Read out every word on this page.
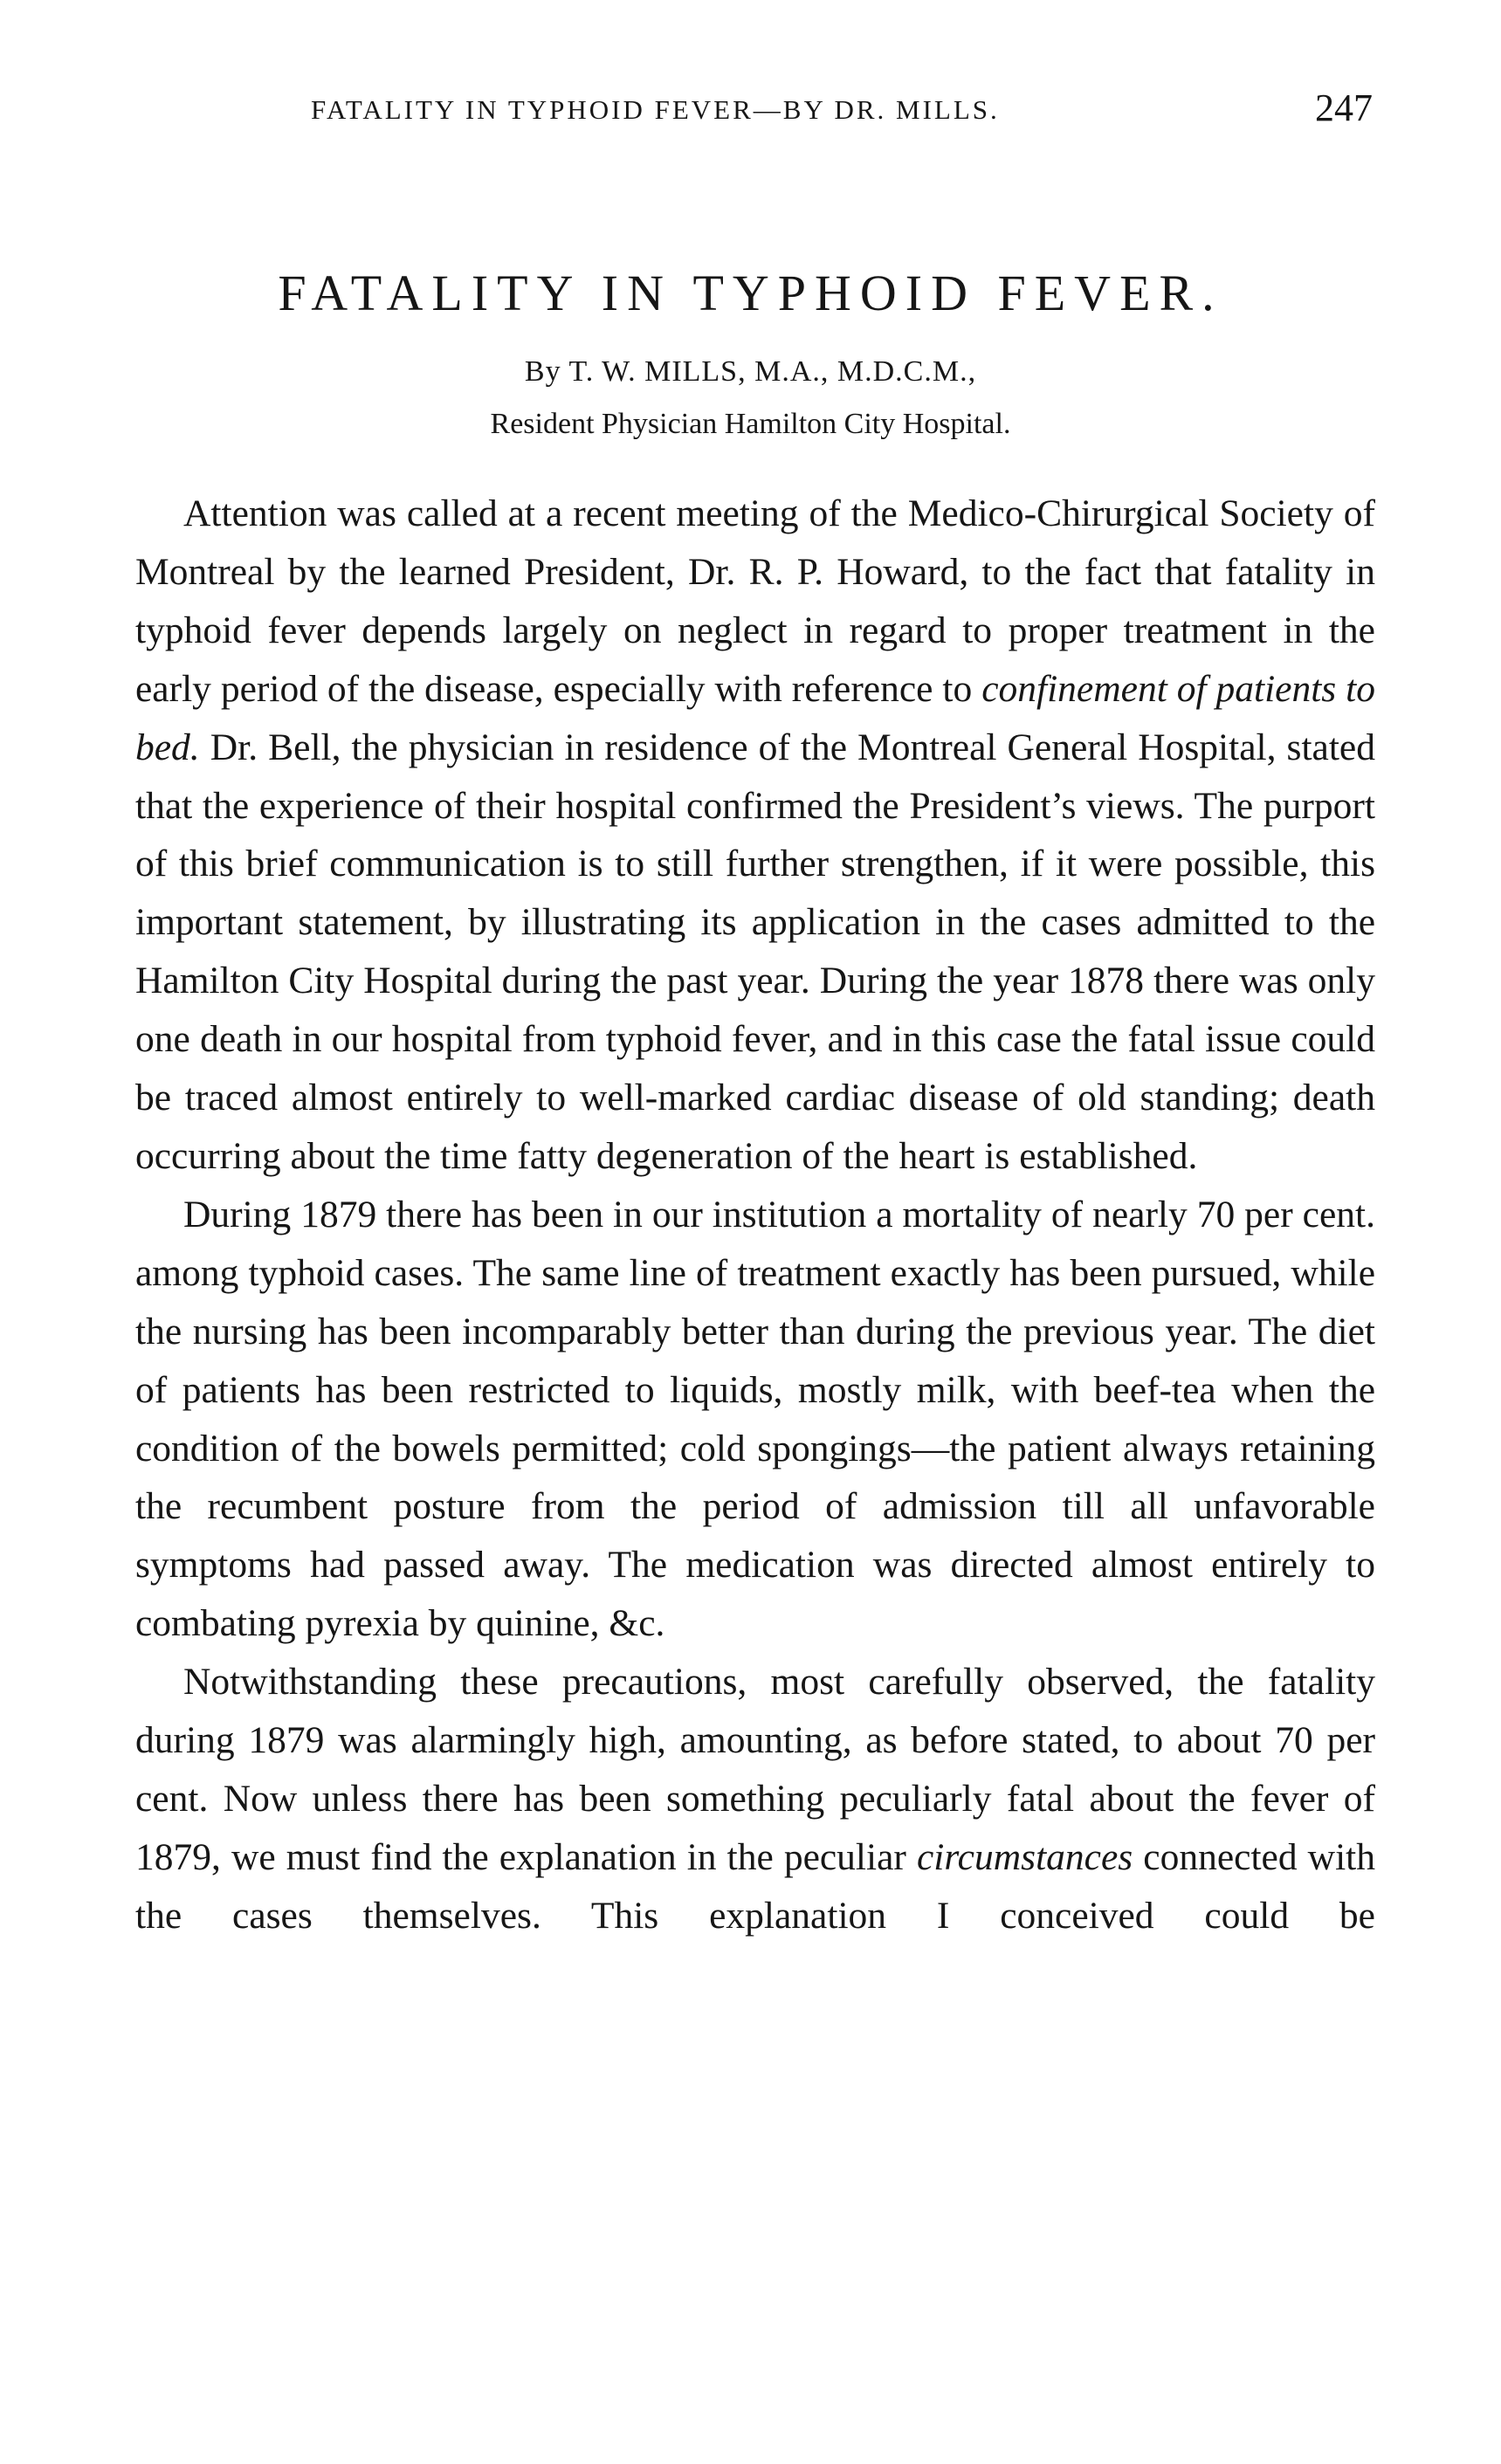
FATALITY IN TYPHOID FEVER—BY DR. MILLS.	247
FATALITY IN TYPHOID FEVER.
By T. W. MILLS, M.A., M.D.C.M.,
Resident Physician Hamilton City Hospital.

Attention was called at a recent meeting of the Medico-Chirurgical Society of Montreal by the learned President, Dr. R. P. Howard, to the fact that fatality in typhoid fever depends largely on neglect in regard to proper treatment in the early period of the disease, especially with reference to confinement of patients to bed. Dr. Bell, the physician in residence of the Montreal General Hospital, stated that the experience of their hospital confirmed the President’s views. The purport of this brief communication is to still further strengthen, if it were possible, this important statement, by illustrating its application in the cases admitted to the Hamilton City Hospital during the past year. During the year 1878 there was only one death in our hospital from typhoid fever, and in this case the fatal issue could be traced almost entirely to well-marked cardiac disease of old standing; death occurring about the time fatty degeneration of the heart is established.

During 1879 there has been in our institution a mortality of nearly 70 per cent. among typhoid cases. The same line of treatment exactly has been pursued, while the nursing has been incomparably better than during the previous year. The diet of patients has been restricted to liquids, mostly milk, with beef-tea when the condition of the bowels permitted; cold spongings—the patient always retaining the recumbent posture from the period of admission till all unfavorable symptoms had passed away. The medication was directed almost entirely to combating pyrexia by quinine, &c.

Notwithstanding these precautions, most carefully observed, the fatality during 1879 was alarmingly high, amounting, as before stated, to about 70 per cent. Now unless there has been something peculiarly fatal about the fever of 1879, we must find the explanation in the peculiar circumstances connected with the cases themselves. This explanation I conceived could be
